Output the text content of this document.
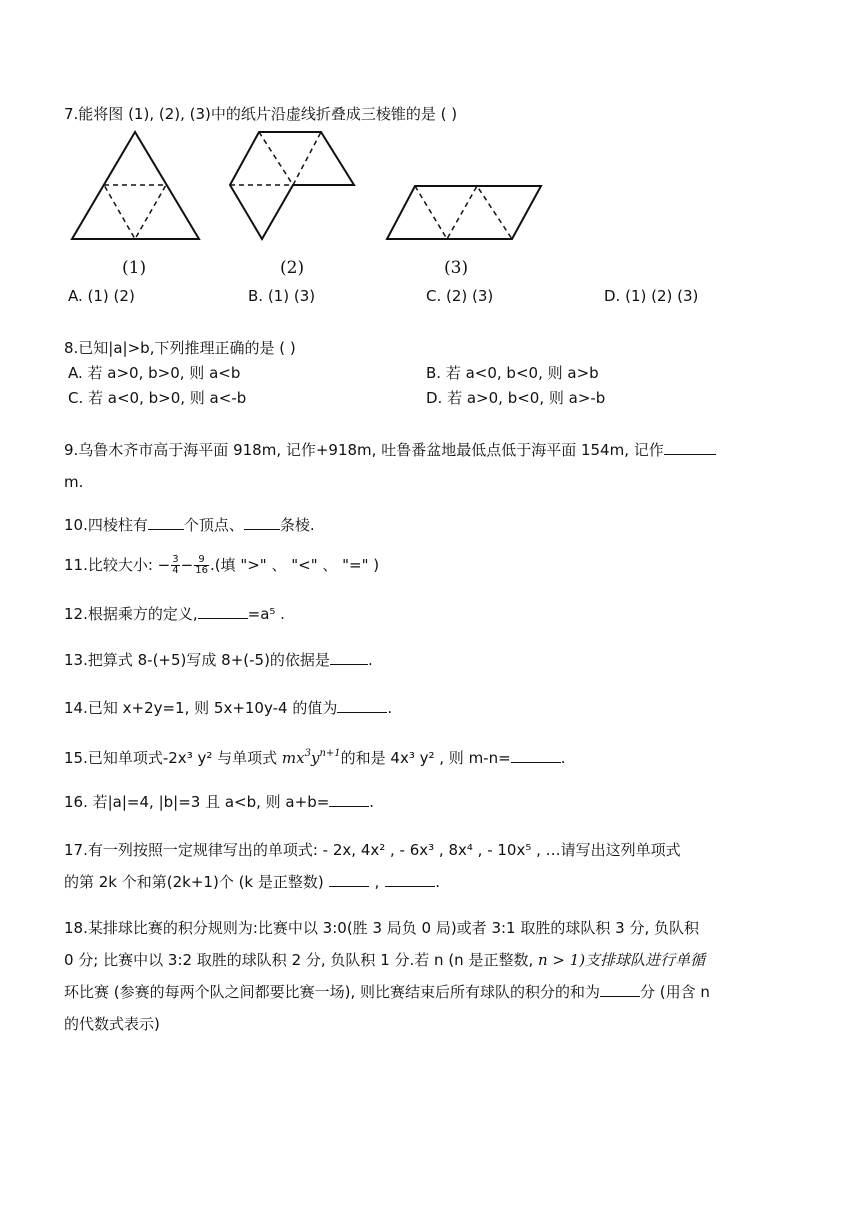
7.能将图 (1), (2), (3)中的纸片沿虚线折叠成三棱锥的是 ( )
(1)	(2)	(3)
A. (1) (2)	B. (1) (3)	C. (2) (3)	D. (1) (2) (3)
8.已知|a|>b,下列推理正确的是 ( )
A. 若 a>0, b>0, 则 a<b	B. 若 a<0, b<0, 则 a>b
C. 若 a<0, b>0, 则 a<-b	D. 若 a>0, b<0, 则 a>-b
9.乌鲁木齐市高于海平面 918m, 记作+918m, 吐鲁番盆地最低点低于海平面 154m, 记作
m.
10.四棱柱有 个顶点、 条棱.
11.比较大小: − $\frac{3}{4} - \frac{9}{16}$ .(填 ">" 、 "<" 、 "=" )
12.根据乘方的定义,	=a⁵ .
13.把算式 8-(+5)写成 8+(-5)的依据是	.
14.已知 x+2y=1, 则 5x+10y-4 的值为	.
15.已知单项式-2x³ y² 与单项式 $mx^3y^{n+1}$的和是 4x³ y² , 则 m-n=	.
16. 若|a|=4, |b|=3 且 a<b, 则 a+b=	.
17.有一列按照一定规律写出的单项式: - 2x, 4x² , - 6x³ , 8x⁴ , - 10x⁵ , …请写出这列单项式
的第 2k 个和第(2k+1)个 (k 是正整数)	,	.
18.某排球比赛的积分规则为:比赛中以 3:0(胜 3 局负 0 局)或者 3:1 取胜的球队积 3 分, 负队积
0 分; 比赛中以 3:2 取胜的球队积 2 分, 负队积 1 分.若 n (n 是正整数, n > 1)支排球队进行单循
环比赛 (参赛的每两个队之间都要比赛一场), 则比赛结束后所有球队的积分的和为	分 (用含 n
的代数式表示)
